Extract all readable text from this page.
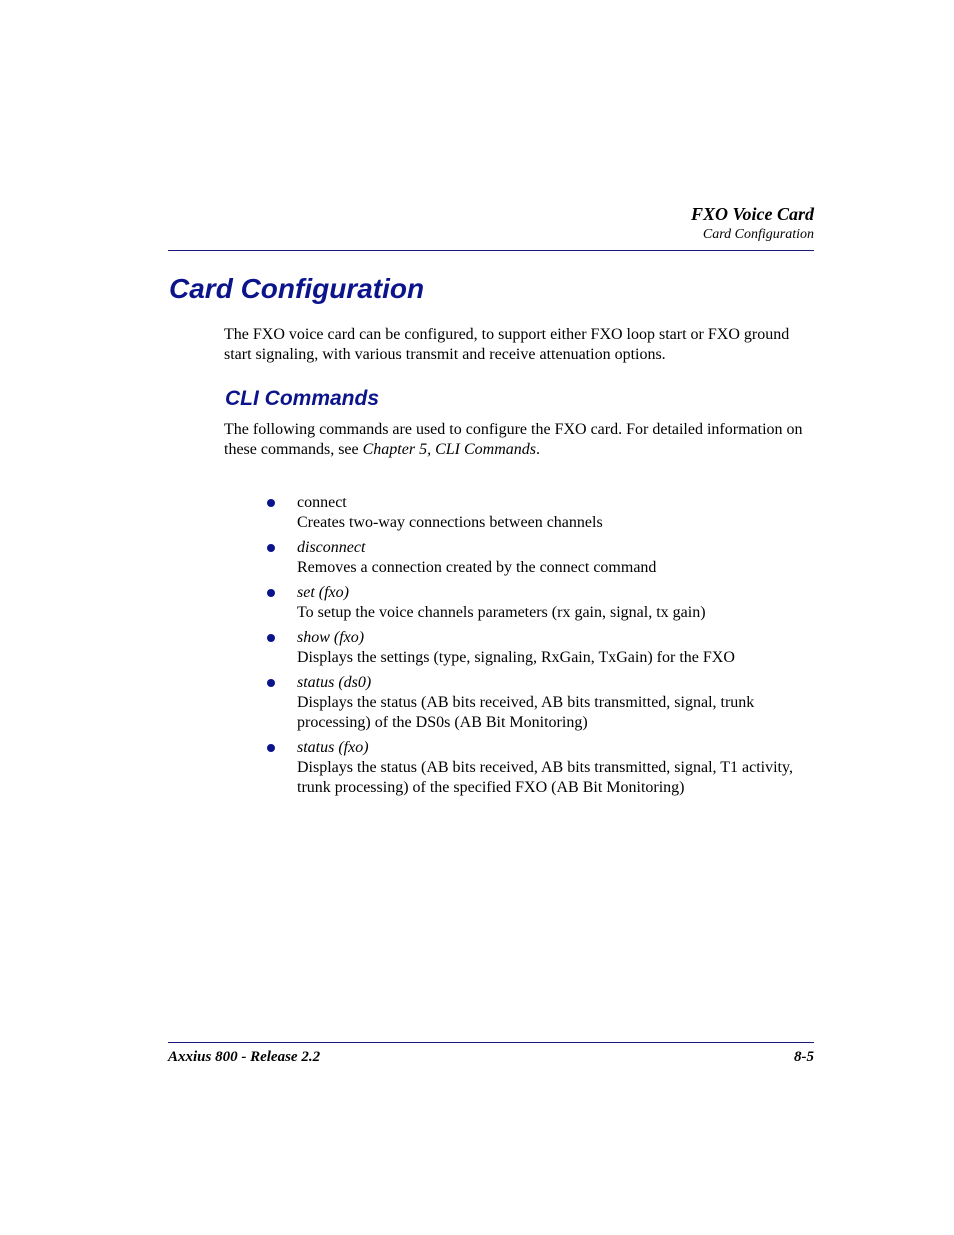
FXO Voice Card
Card Configuration
Card Configuration

The FXO voice card can be configured, to support either FXO loop start or FXO ground start signaling, with various transmit and receive attenuation options.

CLI Commands

The following commands are used to configure the FXO card. For detailed information on these commands, see Chapter 5, CLI Commands.

connect
Creates two-way connections between channels
disconnect
Removes a connection created by the connect command
set (fxo)
To setup the voice channels parameters (rx gain, signal, tx gain)
show (fxo)
Displays the settings (type, signaling, RxGain, TxGain) for the FXO
status (ds0)
Displays the status (AB bits received, AB bits transmitted, signal, trunk processing) of the DS0s (AB Bit Monitoring)
status (fxo)
Displays the status (AB bits received, AB bits transmitted, signal, T1 activity, trunk processing) of the specified FXO (AB Bit Monitoring)
Axxius 800 - Release 2.2	8-5
